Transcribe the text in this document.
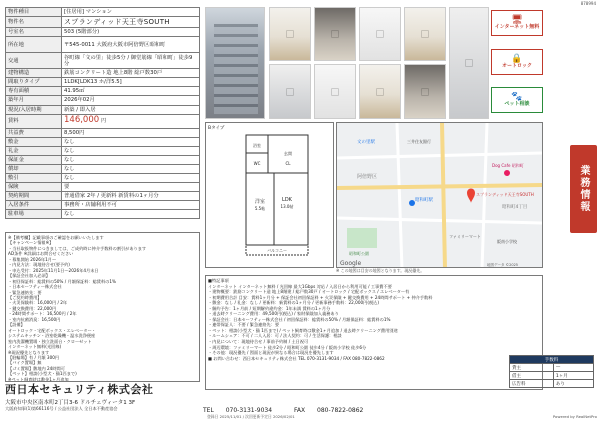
878994
物件種目	[住居用] マンション
物件名	スプランディッド天王寺SOUTH
号室名	503 (5階部分)
所在地	〒545-0011 大阪府大阪市阿倍野区昭和町
交通	谷町線「文の里」徒歩5分 / 御堂筋線「昭和町」徒歩9分
建物構造	鉄筋コンクリート造 地上8階 総戸数30戸
間取りタイプ	1LDK[LDK13 ホ/洋5.5]
専有面積	41.95㎡
築年月	2026年02月
現況/入居時期	新築 / 即入居
賃料	146,000 円
共益費	8,500円
敷金	なし
礼金	なし
保証金	なし
償却	なし
敷引	なし
保険	要
契約期間	普通借家 2年 / 更新料 新賃料の1ヶ月分
入居条件	事務所・店舗利用不可
駐車場	なし

※【備考欄】記載事項のご確認をお願いいたします

【キャンペーン情報※】

・当社取扱物件につきましては、ご成約時に仲介手数料の割引があります

AD条件 ※詳細はお問合せください

・募集開始 2026年1月～

・内見方法：現地待合せ(要予約)

・申込受付：2025年11月1日～2026年4月末日

【保証会社加入必須】

・初回保証料：総賃料の50% / 月額保証料：総賃料の1%

・日本セーフティー株式会社

・緊急連絡先：要

【ご契約時費用】

・火災保険料：16,000円 / 2年

・鍵交換費用：22,000円

・24時間サポート：16,500円 / 2年

・室内抗菌消臭：16,500円

【設備】

オートロック・宅配ボックス・エレベーター・

システムキッチン・浴室乾燥機・温水洗浄便座

室内洗濯機置場・独立洗面台・クローゼット

インターネット無料(光回線)

※現況優先となります

【駐輪場】有 / 月額 300円

【バイク置場】無

【ゴミ置場】敷地内 24時間可

【ペット】相談(小型犬・猫1匹まで)

※ペット飼育時は敷金1ヶ月追加

西日本セキュリティ株式会社
大阪市中央区南本町2丁目3-6 ドルチェヴィータ1 3F
大阪府知事(1)第66116号 / 公益社団法人 全日本不動産協会	TEL 070-3131-9034	FAX 080-7822-0862
🖥
インターネット無料
🔒
オートロック
🐾
ペット相談
Bタイプ
LDK
13.0帖
洋室
5.5帖
浴室
WC
玄関
CL
バルコニー
昭和町駅
文の里駅
Dog Cafe 昭和町
ファミリーマート
昭和町公園
阪南小学校
三井住友銀行
阿倍野区
昭和町4丁目
スプランディッド天王寺SOUTH
Google	地図データ ©2025
※ この地図は目安の地図となります。現況優先。

■特記事項

インターネット インターネット無料 / 光回線 最大1Gbps 対応 / 入居日から利用可能 / 工事費不要

・建物概要：鉄筋コンクリート造 地上8階建 / 総戸数30戸 / オートロック / 宅配ボックス / エレベーター有

・初期費用合計 目安：賃料1ヶ月分 + 保証会社初回保証料 + 火災保険 + 鍵交換費用 + 24時間サポート + 仲介手数料

・敷金：なし / 礼金：なし / 更新料：新賃料の1ヶ月分 / 更新事務手数料：22,000円(税込)

・解約予告：1ヶ月前 / 短期解約違約金：1年未満 賃料の1ヶ月分

・退去時クリーニング費用：49,500円(税込) / 家財保険加入義務あり

・保証会社：日本セーフティー株式会社 / 初回保証料：総賃料の50% / 月額保証料：総賃料の1%

・連帯保証人：不要 / 緊急連絡先：要

・ペット：相談(小型犬・猫 1匹まで) / ペット飼育時は敷金1ヶ月追加 / 退去時クリーニング費用別途

・ルームシェア：不可 / 二人入居：可 / 法人契約：可 / 生活保護：相談

・内見について：現地待合せ / 事前予約制 / 土日祝可

・周辺環境：ファミリーマート 徒歩2分 / 昭和町公園 徒歩4分 / 阪南小学校 徒歩6分

・その他：現況優先 / 図面と現況が異なる場合は現況を優先します

■ お問い合わせ：西日本セキュリティ株式会社 TEL 070-3131-9034 / FAX 080-7822-0862

業務情報
手数料	
貸主	—
借主	1ヶ月
広告料	あり
登録日 2025/11/01 / 次回更新予定日 2026/02/01	Powered by RealNetPro
